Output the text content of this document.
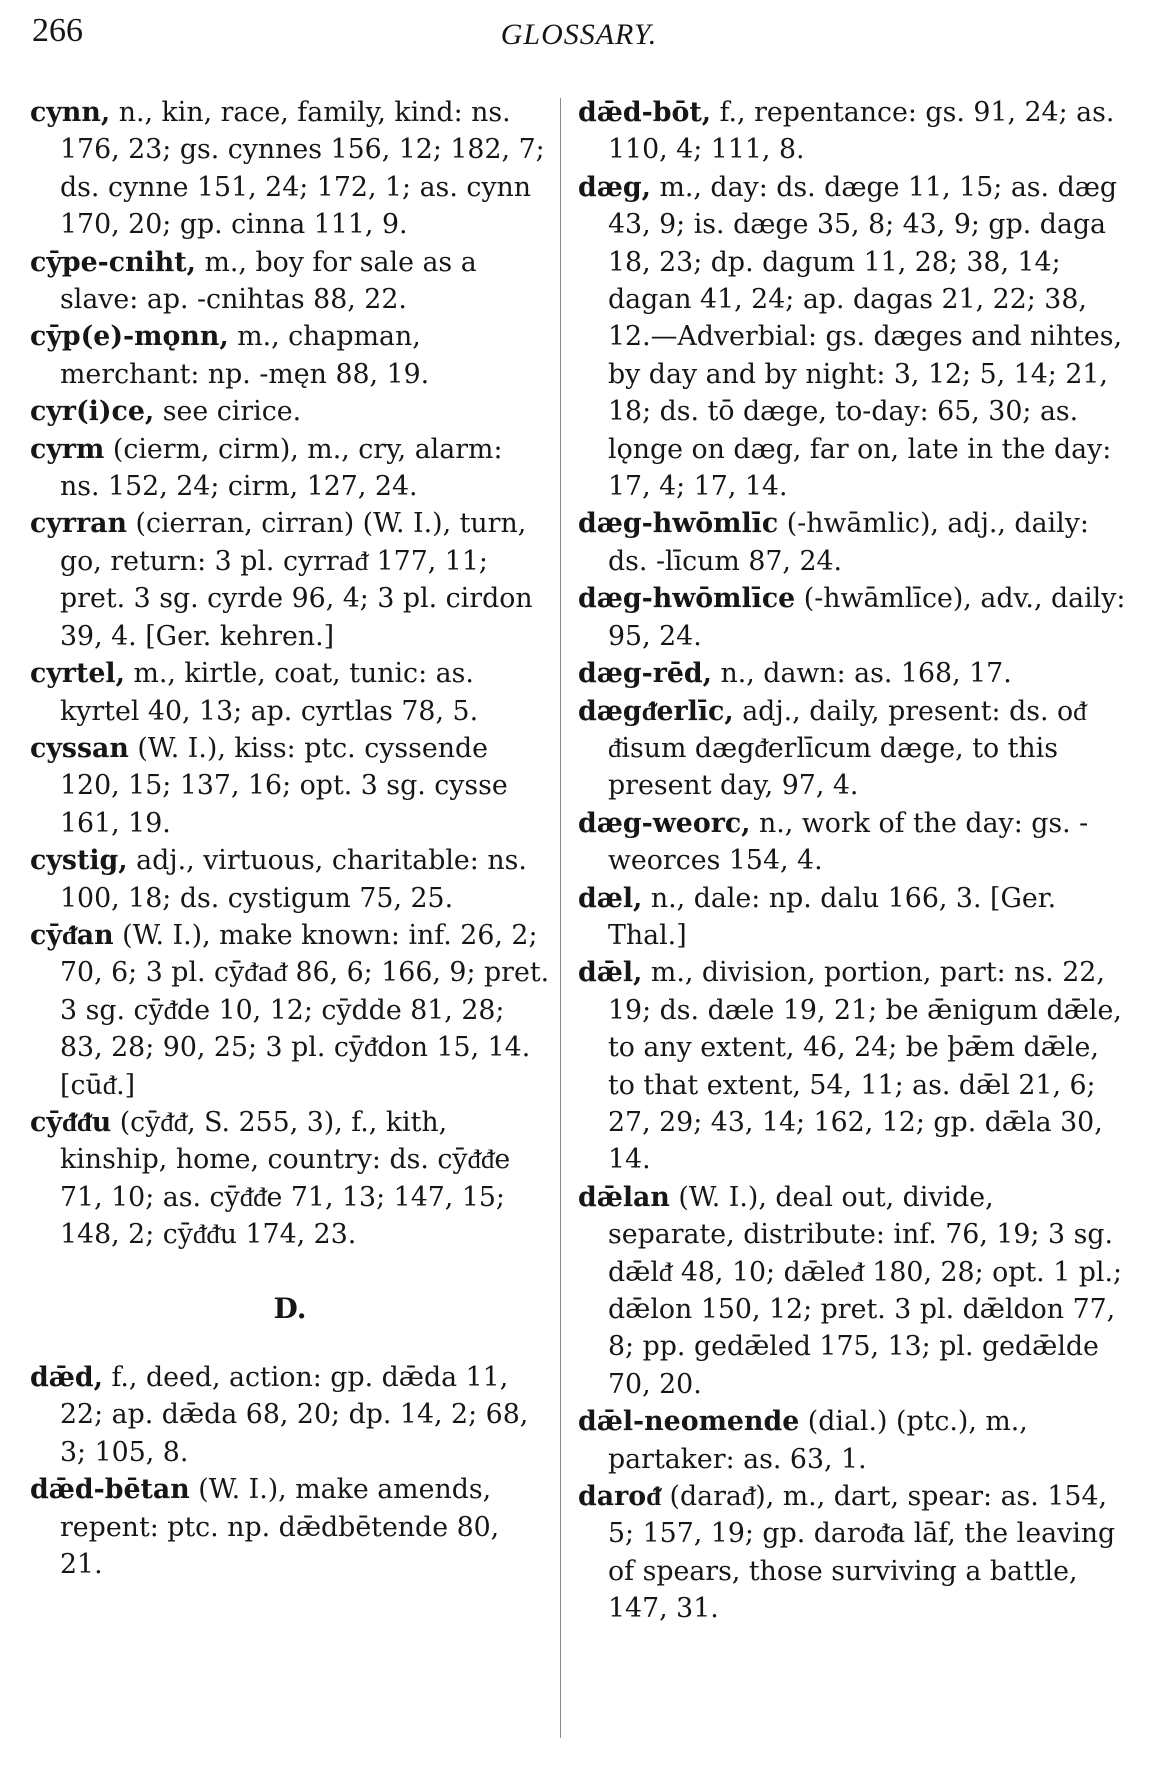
266	GLOSSARY.
cynn, n., kin, race, family, kind: ns. 176, 23; gs. cynnes 156, 12; 182, 7; ds. cynne 151, 24; 172, 1; as. cynn 170, 20; gp. cinna 111, 9.
cȳpe-cniht, m., boy for sale as a slave: ap. -cnihtas 88, 22.
cȳp(e)-mǫnn, m., chapman, merchant: np. -męn 88, 19.
cyr(i)ce, see cirice.
cyrm (cierm, cirm), m., cry, alarm: ns. 152, 24; cirm, 127, 24.
cyrran (cierran, cirran) (W. I.), turn, go, return: 3 pl. cyrraᵭ 177, 11; pret. 3 sg. cyrde 96, 4; 3 pl. cirdon 39, 4. [Ger. kehren.]
cyrtel, m., kirtle, coat, tunic: as. kyrtel 40, 13; ap. cyrtlas 78, 5.
cyssan (W. I.), kiss: ptc. cyssende 120, 15; 137, 16; opt. 3 sg. cysse 161, 19.
cystig, adj., virtuous, charitable: ns. 100, 18; ds. cystigum 75, 25.
cȳᵭan (W. I.), make known: inf. 26, 2; 70, 6; 3 pl. cȳᵭaᵭ 86, 6; 166, 9; pret. 3 sg. cȳᵭde 10, 12; cȳdde 81, 28; 83, 28; 90, 25; 3 pl. cȳᵭdon 15, 14. [cūᵭ.]
cȳᵭᵭu (cȳᵭᵭ, S. 255, 3), f., kith, kinship, home, country: ds. cȳᵭᵭe 71, 10; as. cȳᵭᵭe 71, 13; 147, 15; 148, 2; cȳᵭᵭu 174, 23.
D.
dǣd, f., deed, action: gp. dǣda 11, 22; ap. dǣda 68, 20; dp. 14, 2; 68, 3; 105, 8.
dǣd-bētan (W. I.), make amends, repent: ptc. np. dǣdbētende 80, 21.
dǣd-bōt, f., repentance: gs. 91, 24; as. 110, 4; 111, 8.
dæg, m., day: ds. dæge 11, 15; as. dæg 43, 9; is. dæge 35, 8; 43, 9; gp. daga 18, 23; dp. dagum 11, 28; 38, 14; dagan 41, 24; ap. dagas 21, 22; 38, 12.—Adverbial: gs. dæges and nihtes, by day and by night: 3, 12; 5, 14; 21, 18; ds. tō dæge, to-day: 65, 30; as. lǫnge on dæg, far on, late in the day: 17, 4; 17, 14.
dæg-hwōmlīc (-hwāmlic), adj., daily: ds. -līcum 87, 24.
dæg-hwōmlīce (-hwāmlīce), adv., daily: 95, 24.
dæg-rēd, n., dawn: as. 168, 17.
dægᵭerlīc, adj., daily, present: ds. oᵭ ᵭisum dægᵭerlīcum dæge, to this present day, 97, 4.
dæg-weorc, n., work of the day: gs. -weorces 154, 4.
dæl, n., dale: np. dalu 166, 3. [Ger. Thal.]
dǣl, m., division, portion, part: ns. 22, 19; ds. dæle 19, 21; be ǣnigum dǣle, to any extent, 46, 24; be þǣm dǣle, to that extent, 54, 11; as. dǣl 21, 6; 27, 29; 43, 14; 162, 12; gp. dǣla 30, 14.
dǣlan (W. I.), deal out, divide, separate, distribute: inf. 76, 19; 3 sg. dǣlᵭ 48, 10; dǣleᵭ 180, 28; opt. 1 pl.; dǣlon 150, 12; pret. 3 pl. dǣldon 77, 8; pp. gedǣled 175, 13; pl. gedǣlde 70, 20.
dǣl-neomende (dial.) (ptc.), m., partaker: as. 63, 1.
daroᵭ (daraᵭ), m., dart, spear: as. 154, 5; 157, 19; gp. daroᵭa lāf, the leaving of spears, those surviving a battle, 147, 31.
